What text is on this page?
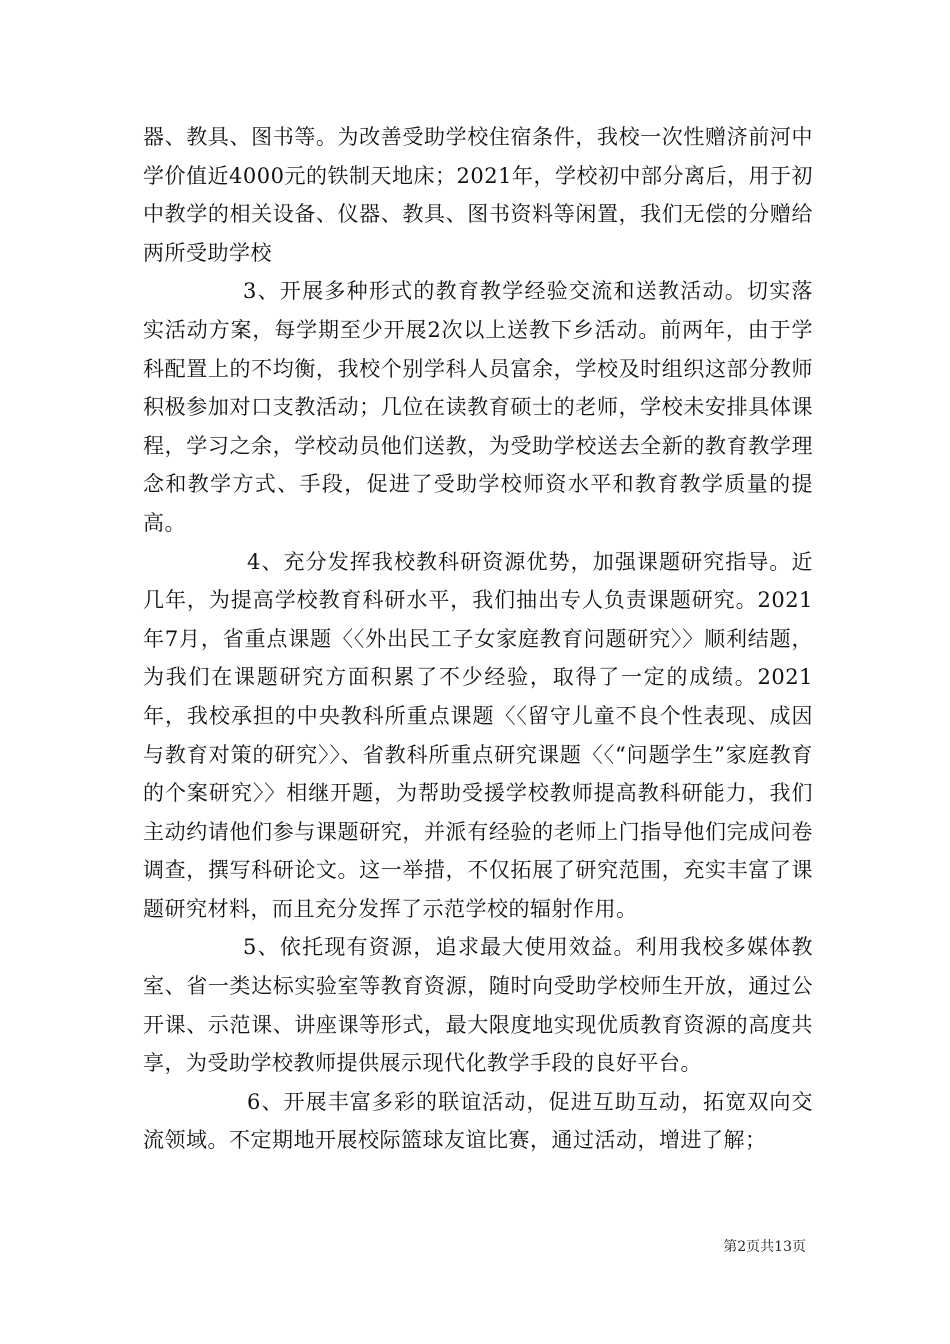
器、教具、图书等。为改善受助学校住宿条件，我校一次性赠济前河中学价值近4000元的铁制天地床；2021年，学校初中部分离后，用于初中教学的相关设备、仪器、教具、图书资料等闲置，我们无偿的分赠给两所受助学校

3、开展多种形式的教育教学经验交流和送教活动。切实落实活动方案，每学期至少开展2次以上送教下乡活动。前两年，由于学科配置上的不均衡，我校个别学科人员富余，学校及时组织这部分教师积极参加对口支教活动；几位在读教育硕士的老师，学校未安排具体课程，学习之余，学校动员他们送教，为受助学校送去全新的教育教学理念和教学方式、手段，促进了受助学校师资水平和教育教学质量的提高。

4、充分发挥我校教科研资源优势，加强课题研究指导。近几年，为提高学校教育科研水平，我们抽出专人负责课题研究。2021年7月，省重点课题〈〈外出民工子女家庭教育问题研究〉〉顺利结题，为我们在课题研究方面积累了不少经验，取得了一定的成绩。2021年，我校承担的中央教科所重点课题〈〈留守儿童不良个性表现、成因与教育对策的研究〉〉、省教科所重点研究课题〈〈“问题学生”家庭教育的个案研究〉〉相继开题，为帮助受援学校教师提高教科研能力，我们主动约请他们参与课题研究，并派有经验的老师上门指导他们完成问卷调查，撰写科研论文。这一举措，不仅拓展了研究范围，充实丰富了课题研究材料，而且充分发挥了示范学校的辐射作用。

5、依托现有资源，追求最大使用效益。利用我校多媒体教室、省一类达标实验室等教育资源，随时向受助学校师生开放，通过公开课、示范课、讲座课等形式，最大限度地实现优质教育资源的高度共享，为受助学校教师提供展示现代化教学手段的良好平台。

6、开展丰富多彩的联谊活动，促进互助互动，拓宽双向交流领域。不定期地开展校际篮球友谊比赛，通过活动，增进了解；

第2页共13页
